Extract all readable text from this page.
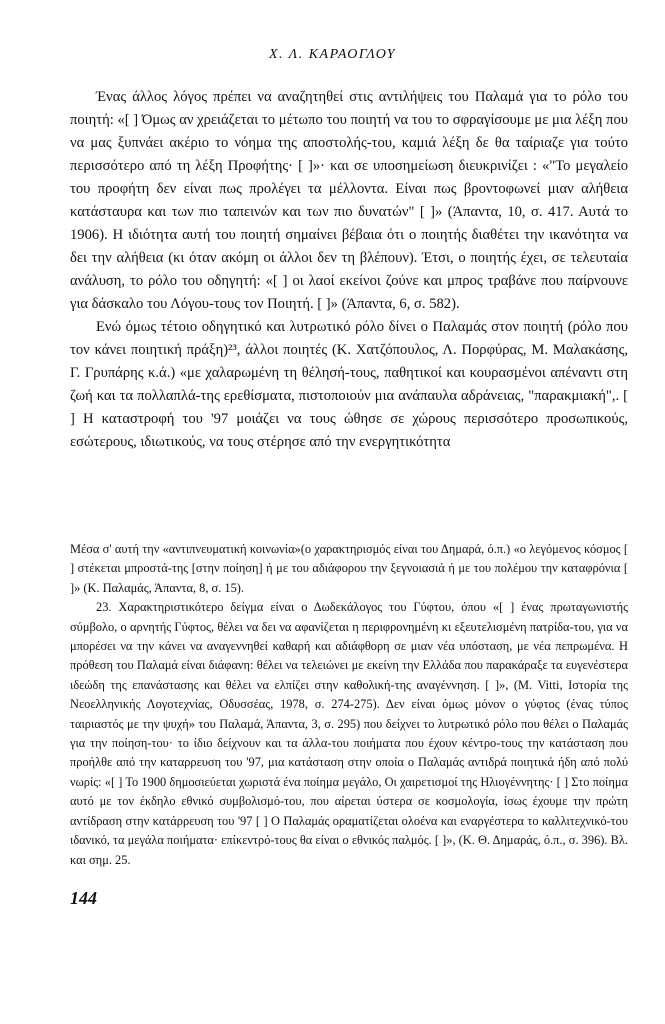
Χ. Λ. ΚΑΡΑΟΓΛΟΥ

Ένας άλλος λόγος πρέπει να αναζητηθεί στις αντιλήψεις του Παλαμά για το ρόλο του ποιητή: «[ ] Όμως αν χρειάζεται το μέτωπο του ποιητή να του το σφραγίσουμε με μια λέξη που να μας ξυπνάει ακέριο το νόημα της αποστολής-του, καμιά λέξη δε θα ταίριαζε για τούτο περισσότερο από τη λέξη Προφήτης· [ ]»· και σε υποσημείωση διευκρινίζει : «"Το μεγαλείο του προφήτη δεν είναι πως προλέγει τα μέλλοντα. Είναι πως βροντοφωνεί μιαν αλήθεια κατάσταυρα και των πιο ταπεινών και των πιο δυνατών" [ ]» (Άπαντα, 10, σ. 417. Αυτά το 1906). Η ιδιότητα αυτή του ποιητή σημαίνει βέβαια ότι ο ποιητής διαθέτει την ικανότητα να δει την αλήθεια (κι όταν ακόμη οι άλλοι δεν τη βλέπουν). Έτσι, ο ποιητής έχει, σε τελευταία ανάλυση, το ρόλο του οδηγητή: «[ ] οι λαοί εκείνοι ζούνε και μπρος τραβάνε που παίρνουνε για δάσκαλο του Λόγου-τους τον Ποιητή. [ ]» (Άπαντα, 6, σ. 582).

Ενώ όμως τέτοιο οδηγητικό και λυτρωτικό ρόλο δίνει ο Παλαμάς στον ποιητή (ρόλο που τον κάνει ποιητική πράξη)²³, άλλοι ποιητές (Κ. Χατζόπουλος, Λ. Πορφύρας, Μ. Μαλακάσης, Γ. Γρυπάρης κ.ά.) «με χαλαρωμένη τη θέλησή-τους, παθητικοί και κουρασμένοι απέναντι στη ζωή και τα πολλαπλά-της ερεθίσματα, πιστοποιούν μια ανάπαυλα αδράνειας, "παρακμιακή",. [ ] Η καταστροφή του '97 μοιάζει να τους ώθησε σε χώρους περισσότερο προσωπικούς, εσώτερους, ιδιωτικούς, να τους στέρησε από την ενεργητικότητα

Μέσα σ' αυτή την «αντιπνευματική κοινωνία»(ο χαρακτηρισμός είναι του Δημαρά, ό.π.) «ο λεγόμενος κόσμος [ ] στέκεται μπροστά-της [στην ποίηση] ή με του αδιάφορου την ξεγνοιασιά ή με του πολέμου την καταφρόνια [ ]» (Κ. Παλαμάς, Άπαντα, 8, σ. 15).

23. Χαρακτηριστικότερο δείγμα είναι ο Δωδεκάλογος του Γύφτου, όπου «[ ] ένας πρωταγωνιστής σύμβολο, ο αρνητής Γύφτος, θέλει να δει να αφανίζεται η περιφρονημένη κι εξευτελισμένη πατρίδα-του, για να μπορέσει να την κάνει να αναγεννηθεί καθαρή και αδιάφθορη σε μιαν νέα υπόσταση, με νέα πεπρωμένα. Η πρόθεση του Παλαμά είναι διάφανη: θέλει να τελειώνει με εκείνη την Ελλάδα που παρακάραξε τα ευγενέστερα ιδεώδη της επανάστασης και θέλει να ελπίζει στην καθολική-της αναγέννηση. [ ]», (M. Vitti, Ιστορία της Νεοελληνικής Λογοτεχνίας, Οδυσσέας, 1978, σ. 274-275). Δεν είναι όμως μόνον ο γύφτος (ένας τύπος ταιριαστός με την ψυχή» του Παλαμά, Άπαντα, 3, σ. 295) που δείχνει το λυτρωτικό ρόλο που θέλει ο Παλαμάς για την ποίηση-του· το ίδιο δείχνουν και τα άλλα-του ποιήματα που έχουν κέντρο-τους την κατάσταση που προήλθε από την καταρρευση του '97, μια κατάσταση στην οποία ο Παλαμάς αντιδρά ποιητικά ήδη από πολύ νωρίς: «[ ] Το 1900 δημοσιεύεται χωριστά ένα ποίημα μεγάλο, Οι χαιρετισμοί της Ηλιογέννητης· [ ] Στο ποίημα αυτό με τον έκδηλο εθνικό συμβολισμό-του, που αίρεται ύστερα σε κοσμολογία, ίσως έχουμε την πρώτη αντίδραση στην κατάρρευση του '97 [ ] Ο Παλαμάς οραματίζεται ολοένα και εναργέστερα το καλλιτεχνικό-του ιδανικό, τα μεγάλα ποιήματα· επίκεντρό-τους θα είναι ο εθνικός παλμός. [ ]», (Κ. Θ. Δημαράς, ό.π., σ. 396). Βλ. και σημ. 25.

144
